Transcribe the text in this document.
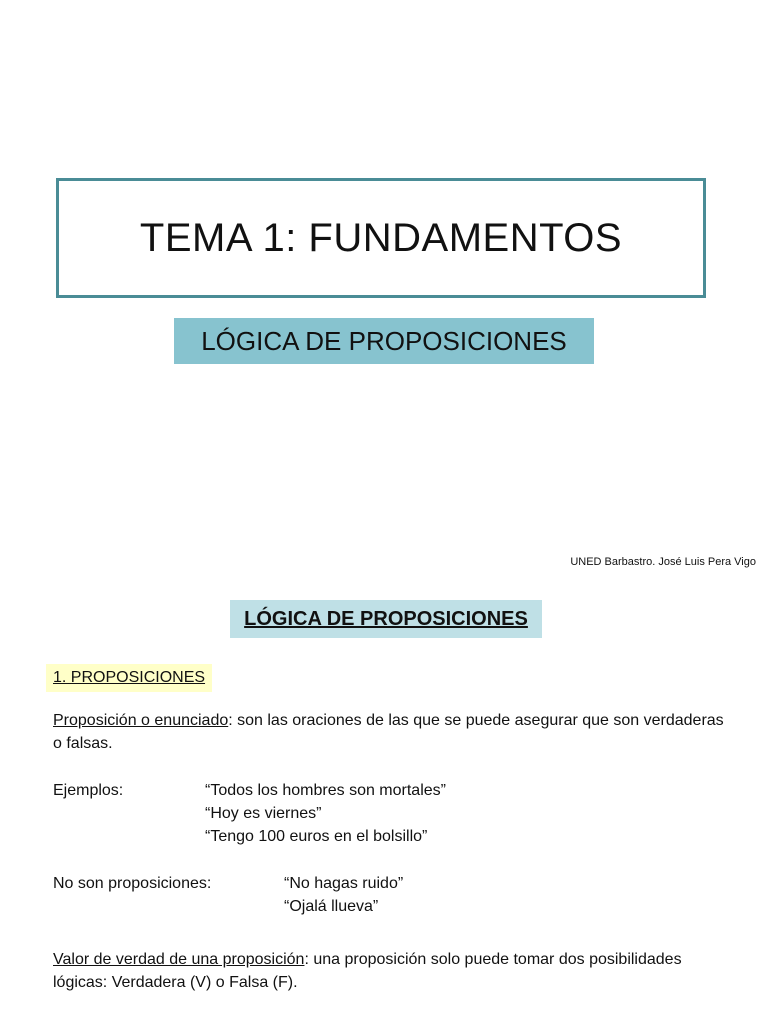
TEMA 1: FUNDAMENTOS
LÓGICA DE PROPOSICIONES
UNED Barbastro. José Luis Pera Vigo
LÓGICA DE PROPOSICIONES
1. PROPOSICIONES
Proposición o enunciado: son las oraciones de las que se puede asegurar que son verdaderas o falsas.
Ejemplos:	“Todos los hombres son mortales”
“Hoy es viernes”
“Tengo 100 euros en el bolsillo”
No son proposiciones:	“No hagas ruido”
“Ojalá llueva”
Valor de verdad de una proposición: una proposición solo puede tomar dos posibilidades lógicas: Verdadera (V) o Falsa (F).
